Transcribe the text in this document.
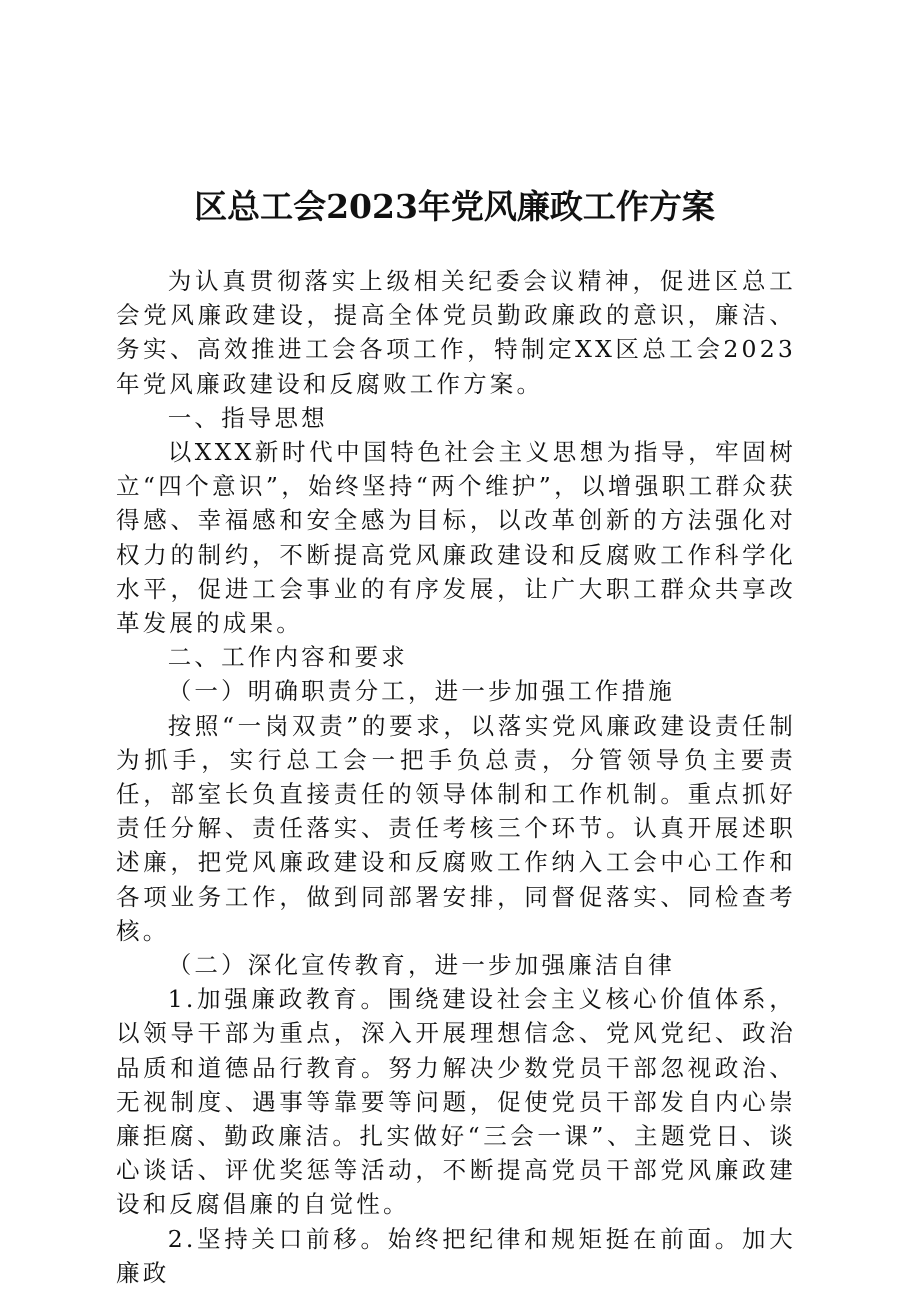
区总工会2023年党风廉政工作方案

为认真贯彻落实上级相关纪委会议精神，促进区总工会党风廉政建设，提高全体党员勤政廉政的意识，廉洁、务实、高效推进工会各项工作，特制定XX区总工会2023年党风廉政建设和反腐败工作方案。

一、指导思想

以XXX新时代中国特色社会主义思想为指导，牢固树立“四个意识”，始终坚持“两个维护”，以增强职工群众获得感、幸福感和安全感为目标，以改革创新的方法强化对权力的制约，不断提高党风廉政建设和反腐败工作科学化水平，促进工会事业的有序发展，让广大职工群众共享改革发展的成果。

二、工作内容和要求

（一）明确职责分工，进一步加强工作措施

按照“一岗双责”的要求，以落实党风廉政建设责任制为抓手，实行总工会一把手负总责，分管领导负主要责任，部室长负直接责任的领导体制和工作机制。重点抓好责任分解、责任落实、责任考核三个环节。认真开展述职述廉，把党风廉政建设和反腐败工作纳入工会中心工作和各项业务工作，做到同部署安排，同督促落实、同检查考核。

（二）深化宣传教育，进一步加强廉洁自律

1.加强廉政教育。围绕建设社会主义核心价值体系，以领导干部为重点，深入开展理想信念、党风党纪、政治品质和道德品行教育。努力解决少数党员干部忽视政治、无视制度、遇事等靠要等问题，促使党员干部发自内心崇廉拒腐、勤政廉洁。扎实做好“三会一课”、主题党日、谈心谈话、评优奖惩等活动，不断提高党员干部党风廉政建设和反腐倡廉的自觉性。

2.坚持关口前移。始终把纪律和规矩挺在前面。加大廉政
